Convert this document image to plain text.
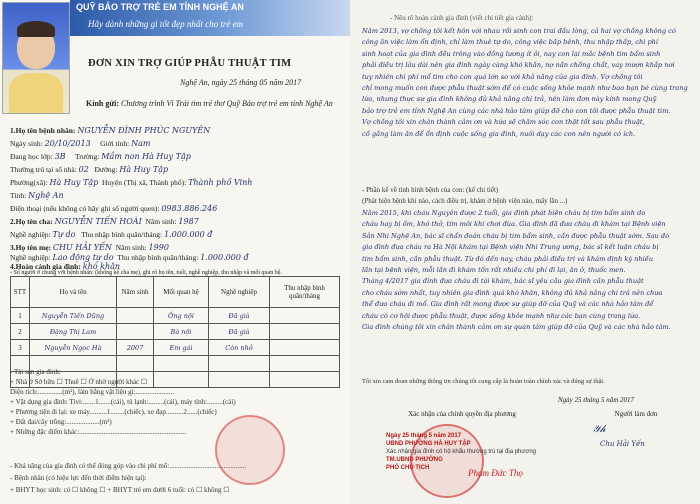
QUỸ BẢO TRỢ TRẺ EM TỈNH NGHỆ AN
Hãy dành những gì tốt đẹp nhất cho trẻ em
ĐƠN XIN TRỢ GIÚP PHẪU THUẬT TIM
Nghệ An, ngày 25 tháng 05 năm 2017
Kính gửi: Chương trình Vì Trái tim trẻ thơ Quỹ Bảo trợ trẻ em tỉnh Nghệ An
1.Họ tên bệnh nhân: NGUYỄN ĐÌNH PHÚC NGUYÊN
Ngày sinh: 20/10/2013 Giới tính: Nam
Đang học lớp: 3B Trường: Mầm non Hà Huy Tập
Thường trú tại số nhà: 02 Đường: Hà Huy Tập
Phường(xã): Hà Huy Tập Huyện (Thị xã, Thành phố): Thành phố Vinh
Tỉnh: Nghệ An
Điện thoại (nếu không có hãy ghi số người quen): 0983.886.246
2.Họ tên cha: NGUYỄN TIẾN HOÀI Năm sinh: 1987
Nghề nghiệp: Tự do Thu nhập bình quân/tháng: 1.000.000 đ
3.Họ tên mẹ: CHU HẢI YẾN Năm sinh: 1990
Nghề nghiệp: Lao động tự do Thu nhập bình quân/tháng: 1.000.000 đ
4.Hoàn cảnh gia đình: khó khăn
- Số người ở chung với bệnh nhân: (không kể cha mẹ), ghi rõ họ tên, tuổi, nghề nghiệp, thu nhập và mối quan hệ.
STT	Họ và tên	Năm sinh	Mối quan hệ	Nghề nghiệp	Thu nhập bình quân/tháng
1	Nguyễn Tiến Dũng		Ông nội	Đã già	
2	Đặng Thị Lam		Bà nội	Đã già	
3	Nguyễn Ngọc Hà	2007	Em gái	Còn nhỏ	

- Tài sản gia đình:
+ Nhà ở Sở hữu ☐ Thuê ☐ Ở nhờ người khác ☐
Diện tích:..............(m²), làm bằng vật liệu gì:......................
+ Vật dụng gia đình: Tivi:.......1.......(cái), tủ lạnh:.........(cái), máy tính:.........(cái)
+ Phương tiện đi lại: xe máy..........1........(chiếc), xe đạp..........2......(chiếc)
+ Đất đai/cây trồng:...................(m²)
+ Những đặc điểm khác:.............................................................
- Khả năng của gia đình có thể đóng góp vào chi phí mổ:............................................
- Bệnh nhân (có hiệu lực đến thời điểm hiện tại):
+ BHYT học sinh: có ☐ không ☐ + BHYT trẻ em dưới 6 tuổi: có ☐ không ☐
- Nêu rõ hoàn cảnh gia đình (viết chi tiết gia cảnh):
Năm 2013, vợ chồng tôi kết hôn với nhau rồi sinh con trai đầu lòng, cả hai vợ chồng không có
công ăn việc làm ổn định, chỉ làm thuê tự do, công việc bấp bênh, thu nhập thấp, chi phí
sinh hoạt của gia đình đều trông vào đồng lương ít ỏi, nay con lại mắc bệnh tim bẩm sinh
phải điều trị lâu dài nên gia đình ngày càng khó khăn, nợ nần chồng chất, vay mượn khắp nơi
tuy nhiên chi phí mổ tim cho con quá lớn so với khả năng của gia đình. Vợ chồng tôi
chỉ mong muốn con được phẫu thuật sớm để có cuộc sống khỏe mạnh như bao bạn bè cùng trang
lứa, nhưng thực sự gia đình không đủ khả năng chi trả, nên làm đơn này kính mong Quỹ
bảo trợ trẻ em tỉnh Nghệ An cùng các nhà hảo tâm giúp đỡ cho con tôi được phẫu thuật tim.
Vợ chồng tôi xin chân thành cảm ơn và hứa sẽ chăm sóc con thật tốt sau phẫu thuật,
cố gắng làm ăn để ổn định cuộc sống gia đình, nuôi dạy các con nên người có ích.
- Phần kể về tình hình bệnh của con: (kể chi tiết)
(Phát hiện bệnh khi nào, cách điều trị, khám ở bệnh viện nào, mấy lần ...)
Năm 2015, khi cháu Nguyên được 2 tuổi, gia đình phát hiện cháu bị tim bẩm sinh do
cháu hay bị ốm, khó thở, tím môi khi chơi đùa. Gia đình đã đưa cháu đi khám tại Bệnh viện
Sản Nhi Nghệ An, bác sĩ chẩn đoán cháu bị tim bẩm sinh, cần được phẫu thuật sớm. Sau đó
gia đình đưa cháu ra Hà Nội khám tại Bệnh viện Nhi Trung ương, bác sĩ kết luận cháu bị
tim bẩm sinh, cần phẫu thuật. Từ đó đến nay, cháu phải điều trị và khám định kỳ nhiều
lần tại bệnh viện, mỗi lần đi khám tốn rất nhiều chi phí đi lại, ăn ở, thuốc men.
Tháng 4/2017 gia đình đưa cháu đi tái khám, bác sĩ yêu cầu gia đình cần phẫu thuật
cho cháu sớm nhất, tuy nhiên gia đình quá khó khăn, không đủ khả năng chi trả nên chưa
thể đưa cháu đi mổ. Gia đình rất mong được sự giúp đỡ của Quỹ và các nhà hảo tâm để
cháu có cơ hội được phẫu thuật, được sống khỏe mạnh như các bạn cùng trang lứa.
Gia đình chúng tôi xin chân thành cảm ơn sự quan tâm giúp đỡ của Quỹ và các nhà hảo tâm.
Tôi xin cam đoan những thông tin chúng tôi cung cấp là hoàn toàn chính xác và đúng sự thật.
Ngày 25 tháng 5 năm 2017
Xác nhận của chính quyền địa phương
Ngày 25 tháng 5 năm 2017
UBND PHƯỜNG HÀ HUY TẬP
Xác nhận gia đình có hộ khẩu thường trú tại địa phương
TM.UBND PHƯỜNG
PHÓ CHỦ TỊCH	Phạm Đức Thọ
Người làm đơn
𝒴𝒽
Chu Hải Yến
